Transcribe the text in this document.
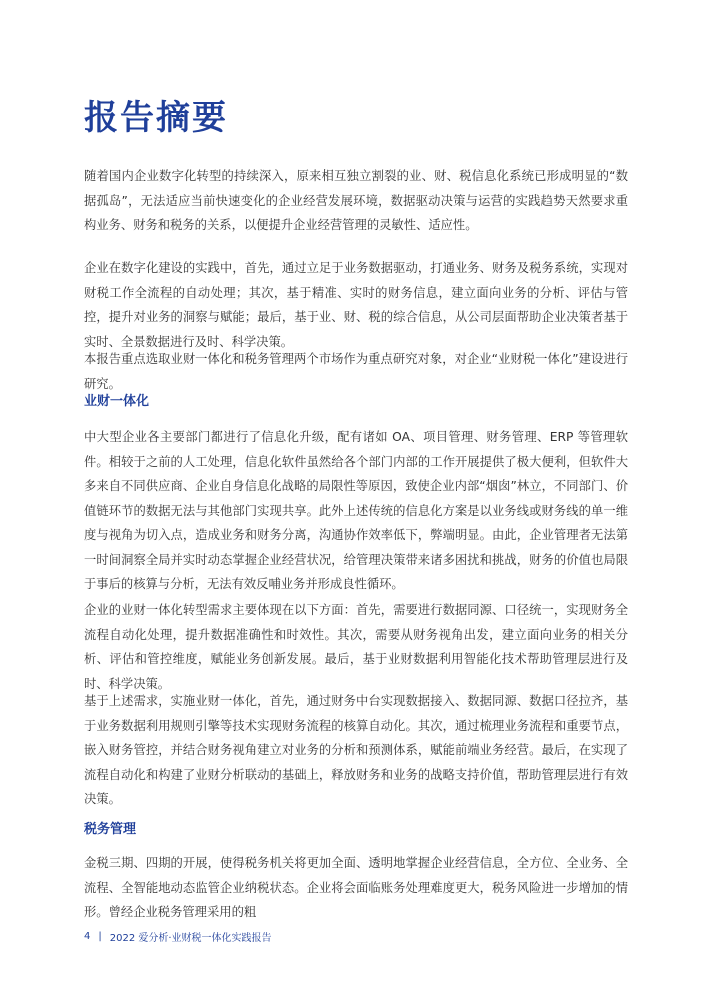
报告摘要

随着国内企业数字化转型的持续深入，原来相互独立割裂的业、财、税信息化系统已形成明显的“数据孤岛”，无法适应当前快速变化的企业经营发展环境，数据驱动决策与运营的实践趋势天然要求重构业务、财务和税务的关系，以便提升企业经营管理的灵敏性、适应性。

企业在数字化建设的实践中，首先，通过立足于业务数据驱动，打通业务、财务及税务系统，实现对财税工作全流程的自动处理；其次，基于精准、实时的财务信息，建立面向业务的分析、评估与管控，提升对业务的洞察与赋能；最后，基于业、财、税的综合信息，从公司层面帮助企业决策者基于实时、全景数据进行及时、科学决策。

本报告重点选取业财一体化和税务管理两个市场作为重点研究对象，对企业“业财税一体化”建设进行研究。

业财一体化

中大型企业各主要部门都进行了信息化升级，配有诸如 OA、项目管理、财务管理、ERP 等管理软件。相较于之前的人工处理，信息化软件虽然给各个部门内部的工作开展提供了极大便利，但软件大多来自不同供应商、企业自身信息化战略的局限性等原因，致使企业内部“烟囱”林立，不同部门、价值链环节的数据无法与其他部门实现共享。此外上述传统的信息化方案是以业务线或财务线的单一维度与视角为切入点，造成业务和财务分离，沟通协作效率低下，弊端明显。由此，企业管理者无法第一时间洞察全局并实时动态掌握企业经营状况，给管理决策带来诸多困扰和挑战，财务的价值也局限于事后的核算与分析，无法有效反哺业务并形成良性循环。

企业的业财一体化转型需求主要体现在以下方面：首先，需要进行数据同源、口径统一，实现财务全流程自动化处理，提升数据准确性和时效性。其次，需要从财务视角出发，建立面向业务的相关分析、评估和管控维度，赋能业务创新发展。最后，基于业财数据利用智能化技术帮助管理层进行及时、科学决策。

基于上述需求，实施业财一体化，首先，通过财务中台实现数据接入、数据同源、数据口径拉齐，基于业务数据利用规则引擎等技术实现财务流程的核算自动化。其次，通过梳理业务流程和重要节点，嵌入财务管控，并结合财务视角建立对业务的分析和预测体系，赋能前端业务经营。最后，在实现了流程自动化和构建了业财分析联动的基础上，释放财务和业务的战略支持价值，帮助管理层进行有效决策。

税务管理

金税三期、四期的开展，使得税务机关将更加全面、透明地掌握企业经营信息，全方位、全业务、全流程、全智能地动态监管企业纳税状态。企业将会面临账务处理难度更大，税务风险进一步增加的情形。曾经企业税务管理采用的粗

4 | 2022 爱分析·业财税一体化实践报告
